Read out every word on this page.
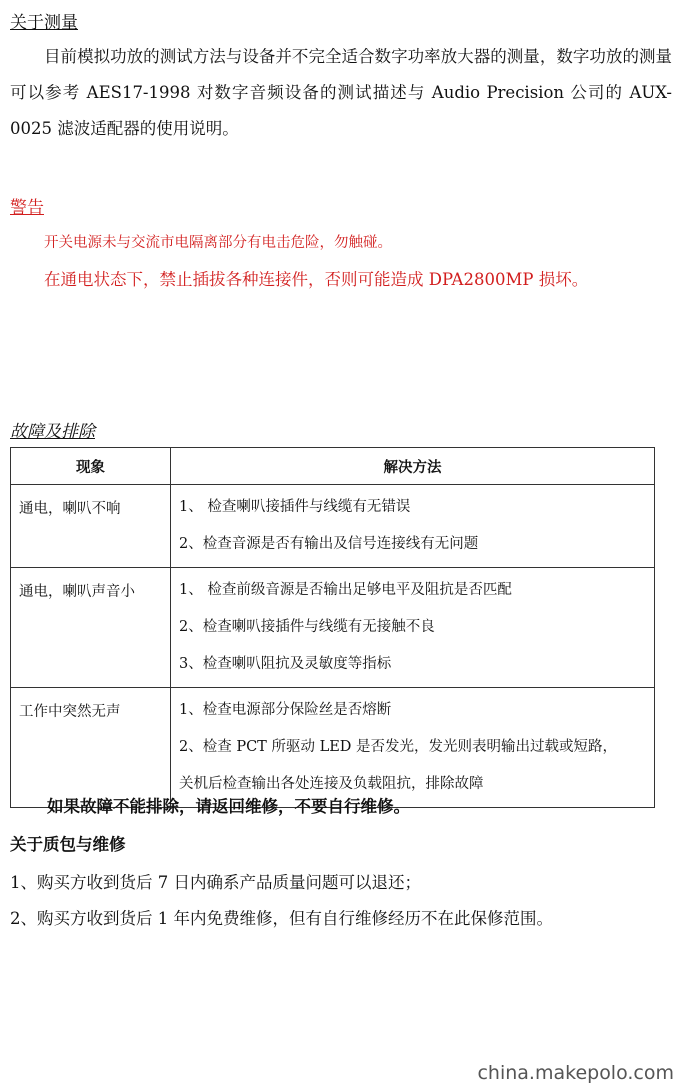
关于测量
目前模拟功放的测试方法与设备并不完全适合数字功率放大器的测量，数字功放的测量可以参考 AES17-1998 对数字音频设备的测试描述与 Audio Precision 公司的 AUX-0025 滤波适配器的使用说明。
警告
开关电源未与交流市电隔离部分有电击危险，勿触碰。
在通电状态下，禁止插拔各种连接件，否则可能造成 DPA2800MP 损坏。
故障及排除
现象	解决方法
通电，喇叭不响	1、 检查喇叭接插件与线缆有无错误
2、检查音源是否有输出及信号连接线有无问题

通电，喇叭声音小	1、 检查前级音源是否输出足够电平及阻抗是否匹配
2、检查喇叭接插件与线缆有无接触不良
3、检查喇叭阻抗及灵敏度等指标

工作中突然无声	1、检查电源部分保险丝是否熔断
2、检查 PCT 所驱动 LED 是否发光，发光则表明输出过载或短路，
关机后检查输出各处连接及负载阻抗，排除故障
如果故障不能排除，请返回维修，不要自行维修。
关于质包与维修
1、购买方收到货后 7 日内确系产品质量问题可以退还；
2、购买方收到货后 1 年内免费维修，但有自行维修经历不在此保修范围。
china.makepolo.com
